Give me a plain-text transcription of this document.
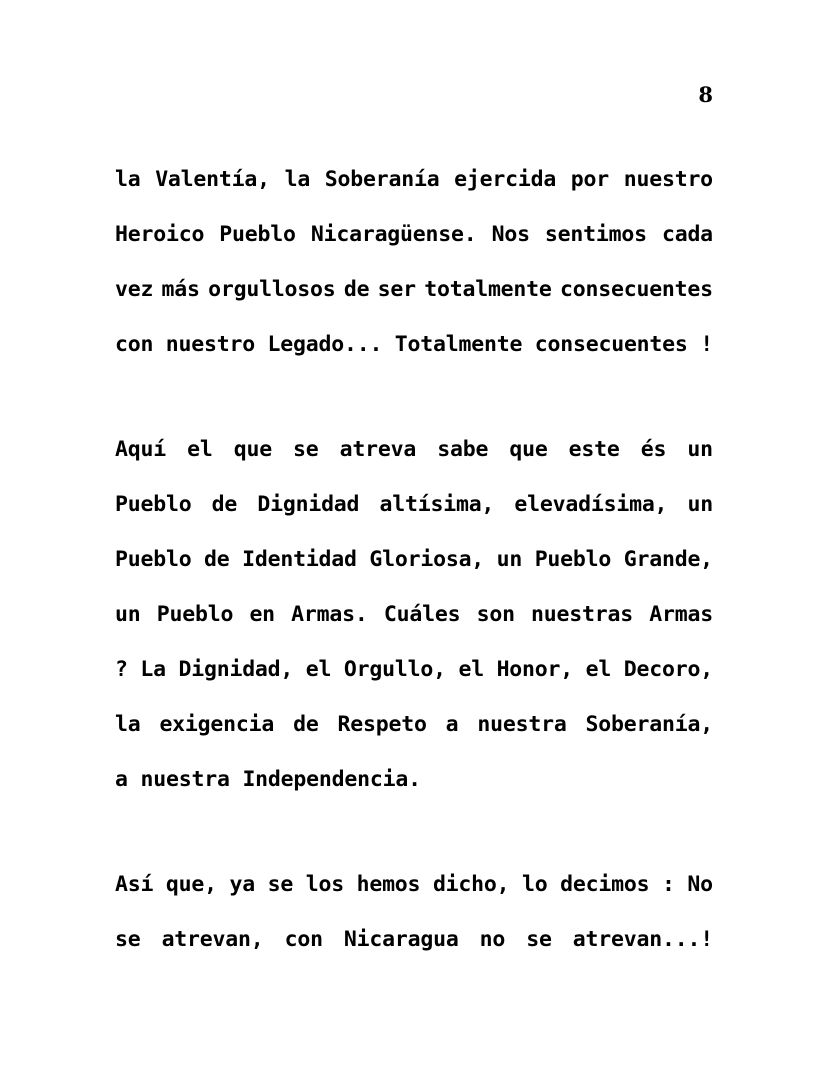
8
la Valentía, la Soberanía ejercida por nuestro
Heroico Pueblo Nicaragüense. Nos sentimos cada
vez más orgullosos de ser totalmente consecuentes
con nuestro Legado... Totalmente consecuentes !
Aquí el que se atreva sabe que este és un
Pueblo de Dignidad altísima, elevadísima, un
Pueblo de Identidad Gloriosa, un Pueblo Grande,
un Pueblo en Armas. Cuáles son nuestras Armas
? La Dignidad, el Orgullo, el Honor, el Decoro,
la exigencia de Respeto a nuestra Soberanía,
a nuestra Independencia.
Así que, ya se los hemos dicho, lo decimos : No
se atrevan, con Nicaragua no se atrevan...!
